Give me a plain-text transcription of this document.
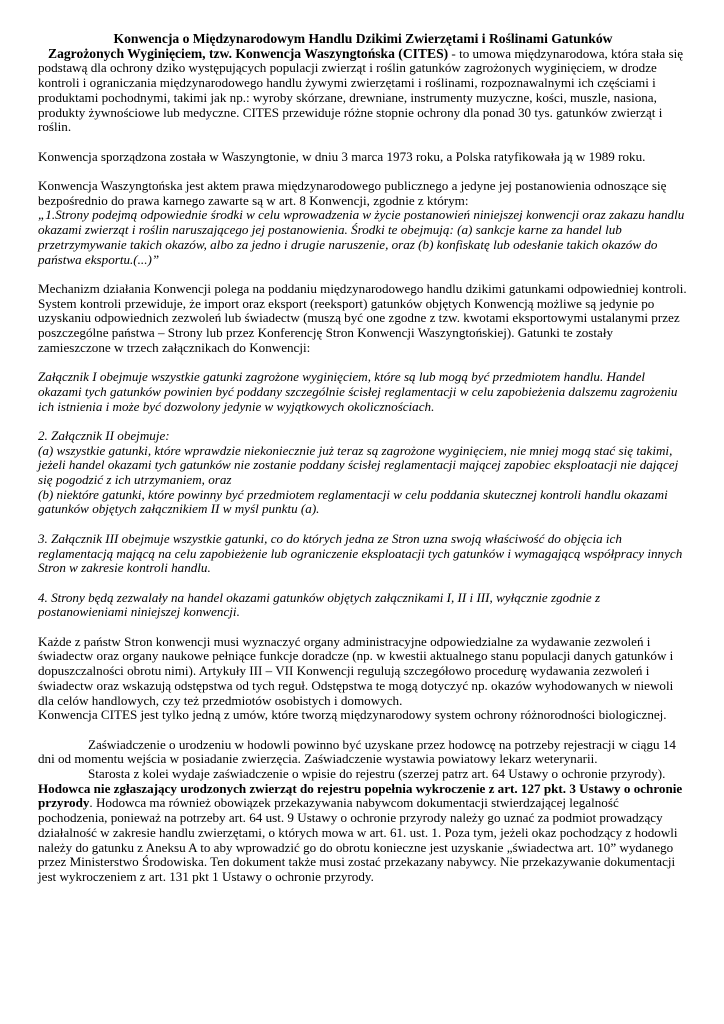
Konwencja o Międzynarodowym Handlu Dzikimi Zwierzętami i Roślinami Gatunków
Zagrożonych Wyginięciem, tzw. Konwencja Waszyngtońska (CITES) - to umowa międzynarodowa, która stała się podstawą dla ochrony dziko występujących populacji zwierząt i roślin gatunków zagrożonych wyginięciem, w drodze kontroli i ograniczania międzynarodowego handlu żywymi zwierzętami i roślinami, rozpoznawalnymi ich częściami i produktami pochodnymi, takimi jak np.: wyroby skórzane, drewniane, instrumenty muzyczne, kości, muszle, nasiona, produkty żywnościowe lub medyczne. CITES przewiduje różne stopnie ochrony dla ponad 30 tys. gatunków zwierząt i roślin.

Konwencja sporządzona została w Waszyngtonie, w dniu 3 marca 1973 roku, a Polska ratyfikowała ją w 1989 roku.

Konwencja Waszyngtońska jest aktem prawa międzynarodowego publicznego a jedyne jej postanowienia odnoszące się bezpośrednio do prawa karnego zawarte są w art. 8 Konwencji, zgodnie z którym:

„1.Strony podejmą odpowiednie środki w celu wprowadzenia w życie postanowień niniejszej konwencji oraz zakazu handlu okazami zwierząt i roślin naruszającego jej postanowienia. Środki te obejmują: (a) sankcje karne za handel lub przetrzymywanie takich okazów, albo za jedno i drugie naruszenie, oraz (b) konfiskatę lub odesłanie takich okazów do państwa eksportu.(...)”

Mechanizm działania Konwencji polega na poddaniu międzynarodowego handlu dzikimi gatunkami odpowiedniej kontroli. System kontroli przewiduje, że import oraz eksport (reeksport) gatunków objętych Konwencją możliwe są jedynie po uzyskaniu odpowiednich zezwoleń lub świadectw (muszą być one zgodne z tzw. kwotami eksportowymi ustalanymi przez poszczególne państwa – Strony lub przez Konferencję Stron Konwencji Waszyngtońskiej). Gatunki te zostały zamieszczone w trzech załącznikach do Konwencji:

Załącznik I obejmuje wszystkie gatunki zagrożone wyginięciem, które są lub mogą być przedmiotem handlu. Handel okazami tych gatunków powinien być poddany szczególnie ścisłej reglamentacji w celu zapobieżenia dalszemu zagrożeniu ich istnienia i może być dozwolony jedynie w wyjątkowych okolicznościach.

2. Załącznik II obejmuje:

(a) wszystkie gatunki, które wprawdzie niekoniecznie już teraz są zagrożone wyginięciem, nie mniej mogą stać się takimi, jeżeli handel okazami tych gatunków nie zostanie poddany ścisłej reglamentacji mającej zapobiec eksploatacji nie dającej się pogodzić z ich utrzymaniem, oraz

(b) niektóre gatunki, które powinny być przedmiotem reglamentacji w celu poddania skutecznej kontroli handlu okazami gatunków objętych załącznikiem II w myśl punktu (a).

3. Załącznik III obejmuje wszystkie gatunki, co do których jedna ze Stron uzna swoją właściwość do objęcia ich reglamentacją mającą na celu zapobieżenie lub ograniczenie eksploatacji tych gatunków i wymagającą współpracy innych Stron w zakresie kontroli handlu.

4. Strony będą zezwalały na handel okazami gatunków objętych załącznikami I, II i III, wyłącznie zgodnie z postanowieniami niniejszej konwencji.

Każde z państw Stron konwencji musi wyznaczyć organy administracyjne odpowiedzialne za wydawanie zezwoleń i świadectw oraz organy naukowe pełniące funkcje doradcze (np. w kwestii aktualnego stanu populacji danych gatunków i dopuszczalności obrotu nimi). Artykuły III – VII Konwencji regulują szczegółowo procedurę wydawania zezwoleń i świadectw oraz wskazują odstępstwa od tych reguł. Odstępstwa te mogą dotyczyć np. okazów wyhodowanych w niewoli dla celów handlowych, czy też przedmiotów osobistych i domowych.

Konwencja CITES jest tylko jedną z umów, które tworzą międzynarodowy system ochrony różnorodności biologicznej.

Zaświadczenie o urodzeniu w hodowli powinno być uzyskane przez hodowcę na potrzeby rejestracji w ciągu 14 dni od momentu wejścia w posiadanie zwierzęcia. Zaświadczenie wystawia powiatowy lekarz weterynarii.

Starosta z kolei wydaje zaświadczenie o wpisie do rejestru (szerzej patrz art. 64 Ustawy o ochronie przyrody).

Hodowca nie zgłaszający urodzonych zwierząt do rejestru popełnia wykroczenie z art. 127 pkt. 3 Ustawy o ochronie przyrody. Hodowca ma również obowiązek przekazywania nabywcom dokumentacji stwierdzającej legalność pochodzenia, ponieważ na potrzeby art. 64 ust. 9 Ustawy o ochronie przyrody należy go uznać za podmiot prowadzący działalność w zakresie handlu zwierzętami, o których mowa w art. 61. ust. 1. Poza tym, jeżeli okaz pochodzący z hodowli należy do gatunku z Aneksu A to aby wprowadzić go do obrotu konieczne jest uzyskanie „świadectwa art. 10” wydanego przez Ministerstwo Środowiska. Ten dokument także musi zostać przekazany nabywcy. Nie przekazywanie dokumentacji jest wykroczeniem z art. 131 pkt 1 Ustawy o ochronie przyrody.
